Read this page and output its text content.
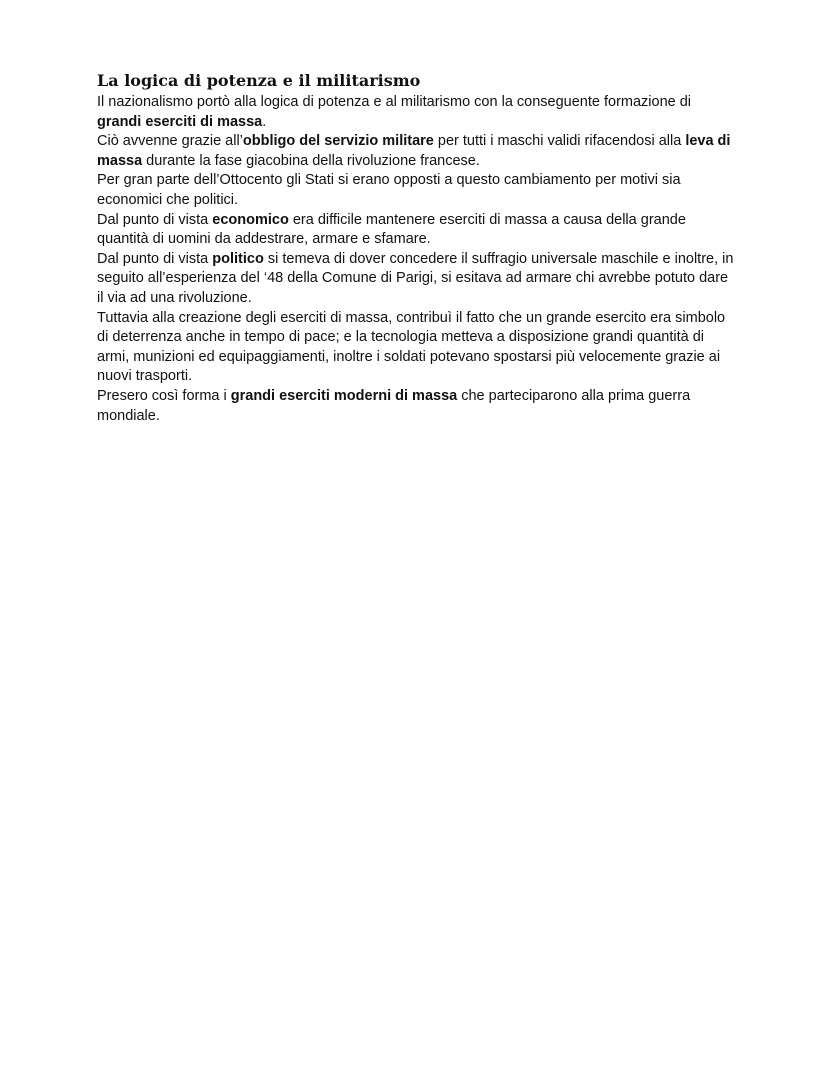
La logica di potenza e il militarismo

Il nazionalismo portò alla logica di potenza e al militarismo con la conseguente formazione di grandi eserciti di massa.

Ciò avvenne grazie all’obbligo del servizio militare per tutti i maschi validi rifacendosi alla leva di massa durante la fase giacobina della rivoluzione francese.

Per gran parte dell’Ottocento gli Stati si erano opposti a questo cambiamento per motivi sia economici che politici.

Dal punto di vista economico era difficile mantenere eserciti di massa a causa della grande quantità di uomini da addestrare, armare e sfamare.

Dal punto di vista politico si temeva di dover concedere il suffragio universale maschile e inoltre, in seguito all’esperienza del ‘48 della Comune di Parigi, si esitava ad armare chi avrebbe potuto dare il via ad una rivoluzione.

Tuttavia alla creazione degli eserciti di massa, contribuì il fatto che un grande esercito era simbolo di deterrenza anche in tempo di pace; e la tecnologia metteva a disposizione grandi quantità di armi, munizioni ed equipaggiamenti, inoltre i soldati potevano spostarsi più velocemente grazie ai nuovi trasporti.

Presero così forma i grandi eserciti moderni di massa che parteciparono alla prima guerra mondiale.
